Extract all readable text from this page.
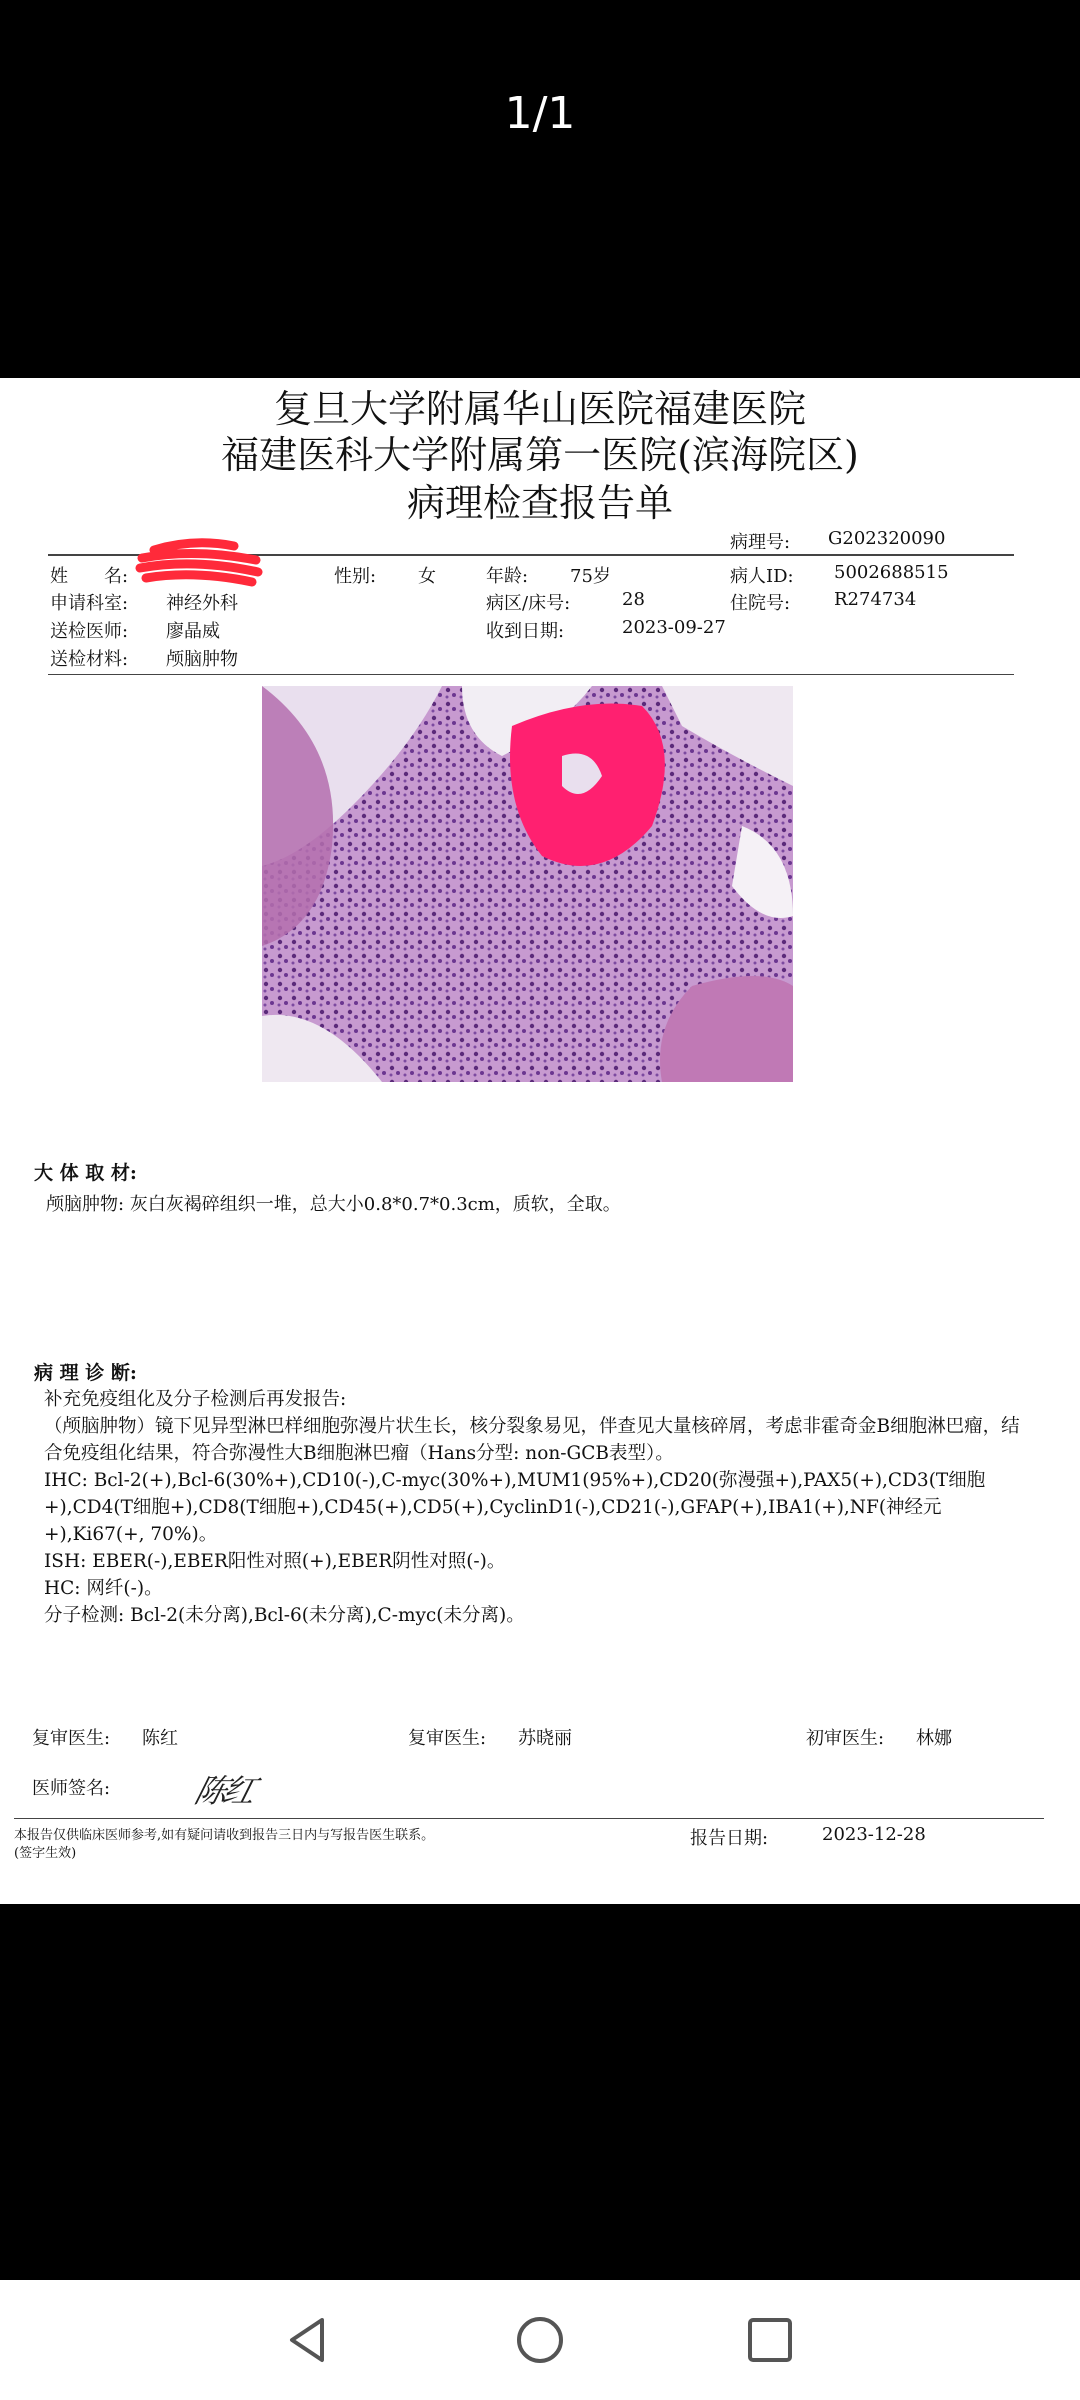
1/1
复旦大学附属华山医院福建医院
福建医科大学附属第一医院(滨海院区)
病理检查报告单
病理号: G202320090
姓　　名:	性别: 女	年龄: 75岁	病人ID: 5002688515
申请科室: 神经外科	病区/床号:	28	住院号: R274734
送检医师: 廖晶威	收到日期:	2023-09-27
送检材料: 颅脑肿物
大 体 取 材:
颅脑肿物: 灰白灰褐碎组织一堆，总大小0.8*0.7*0.3cm，质软，全取。
病 理 诊 断:
补充免疫组化及分子检测后再发报告:
（颅脑肿物）镜下见异型淋巴样细胞弥漫片状生长，核分裂象易见，伴查见大量核碎屑，考虑非霍奇金B细胞淋巴瘤，结合免疫组化结果，符合弥漫性大B细胞淋巴瘤（Hans分型: non-GCB表型）。
IHC: Bcl-2(+),Bcl-6(30%+),CD10(-),C-myc(30%+),MUM1(95%+),CD20(弥漫强+),PAX5(+),CD3(T细胞+),CD4(T细胞+),CD8(T细胞+),CD45(+),CD5(+),CyclinD1(-),CD21(-),GFAP(+),IBA1(+),NF(神经元+),Ki67(+, 70%)。
ISH: EBER(-),EBER阳性对照(+),EBER阴性对照(-)。
HC: 网纤(-)。
分子检测: Bcl-2(未分离),Bcl-6(未分离),C-myc(未分离)。
复审医生: 陈红	复审医生: 苏晓丽	初审医生: 林娜
医师签名:	陈红
本报告仅供临床医师参考,如有疑问请收到报告三日内与写报告医生联系。
(签字生效)
报告日期:	2023-12-28
